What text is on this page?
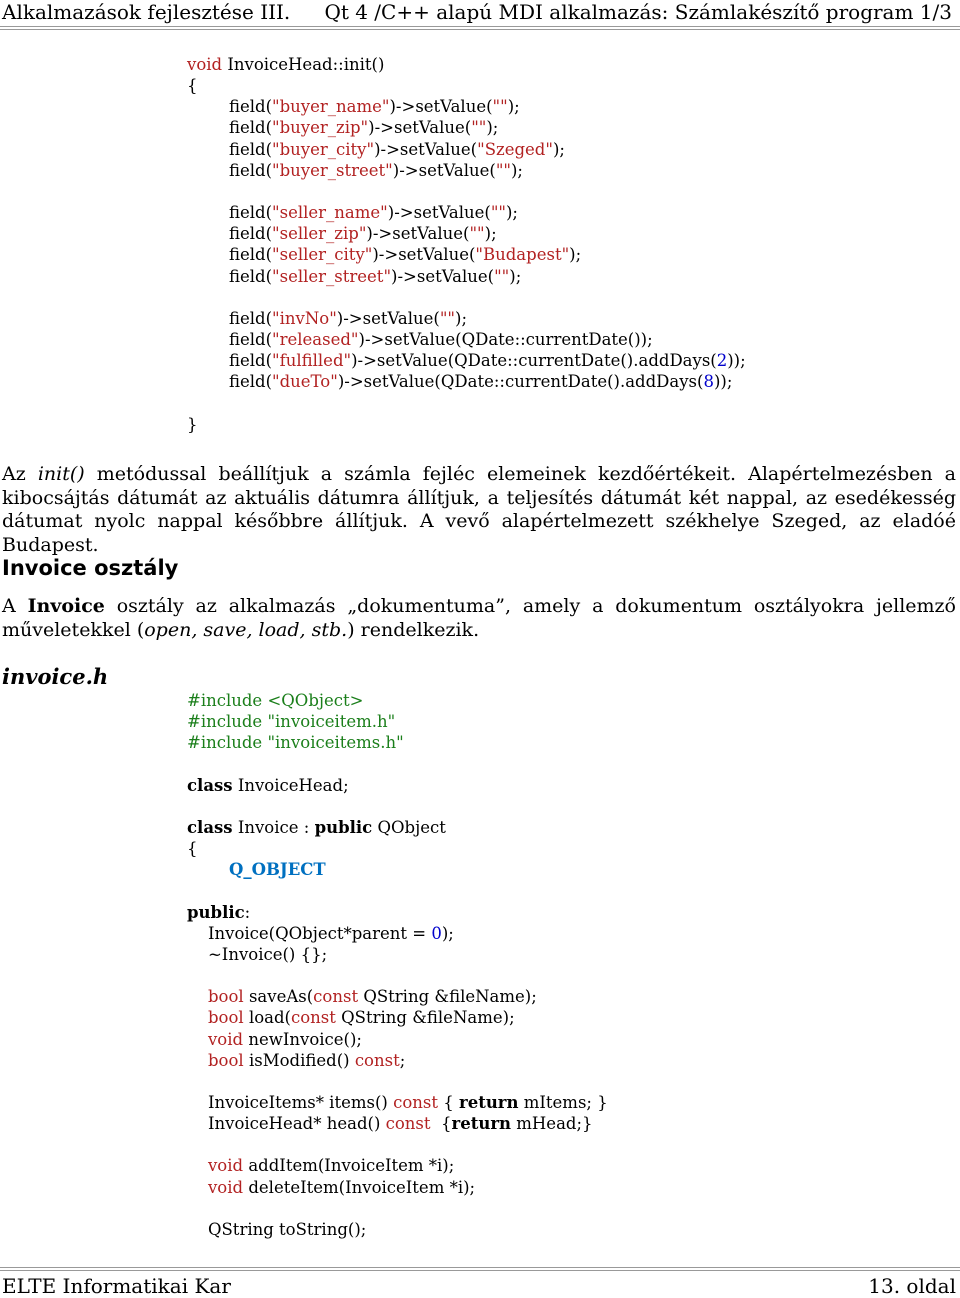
Alkalmazások fejlesztése III. Qt 4 /C++ alapú MDI alkalmazás: Számlakészítő program 1/3
void InvoiceHead::init()
{
field("buyer_name")->setValue("");
field("buyer_zip")->setValue("");
field("buyer_city")->setValue("Szeged");
field("buyer_street")->setValue("");
field("seller_name")->setValue("");
field("seller_zip")->setValue("");
field("seller_city")->setValue("Budapest");
field("seller_street")->setValue("");
field("invNo")->setValue("");
field("released")->setValue(QDate::currentDate());
field("fulfilled")->setValue(QDate::currentDate().addDays(2));
field("dueTo")->setValue(QDate::currentDate().addDays(8));
}
Az init() metódussal beállítjuk a számla fejléc elemeinek kezdőértékeit. Alapértelmezésben a kibocsájtás dátumát az aktuális dátumra állítjuk, a teljesítés dátumát két nappal, az esedékesség dátumat nyolc nappal későbbre állítjuk. A vevő alapértelmezett székhelye Szeged, az eladóé Budapest.
Invoice osztály
A Invoice osztály az alkalmazás „dokumentuma”, amely a dokumentum osztályokra jellemző műveletekkel (open, save, load, stb.) rendelkezik.
invoice.h
#include <QObject>
#include "invoiceitem.h"
#include "invoiceitems.h"
class InvoiceHead;
class Invoice : public QObject
{
Q_OBJECT
public:
Invoice(QObject*parent = 0);
~Invoice() {};
bool saveAs(const QString &fileName);
bool load(const QString &fileName);
void newInvoice();
bool isModified() const;
InvoiceItems* items() const { return mItems; }
InvoiceHead* head() const  {return mHead;}
void addItem(InvoiceItem *i);
void deleteItem(InvoiceItem *i);
QString toString();
ELTE Informatikai Kar	13. oldal
